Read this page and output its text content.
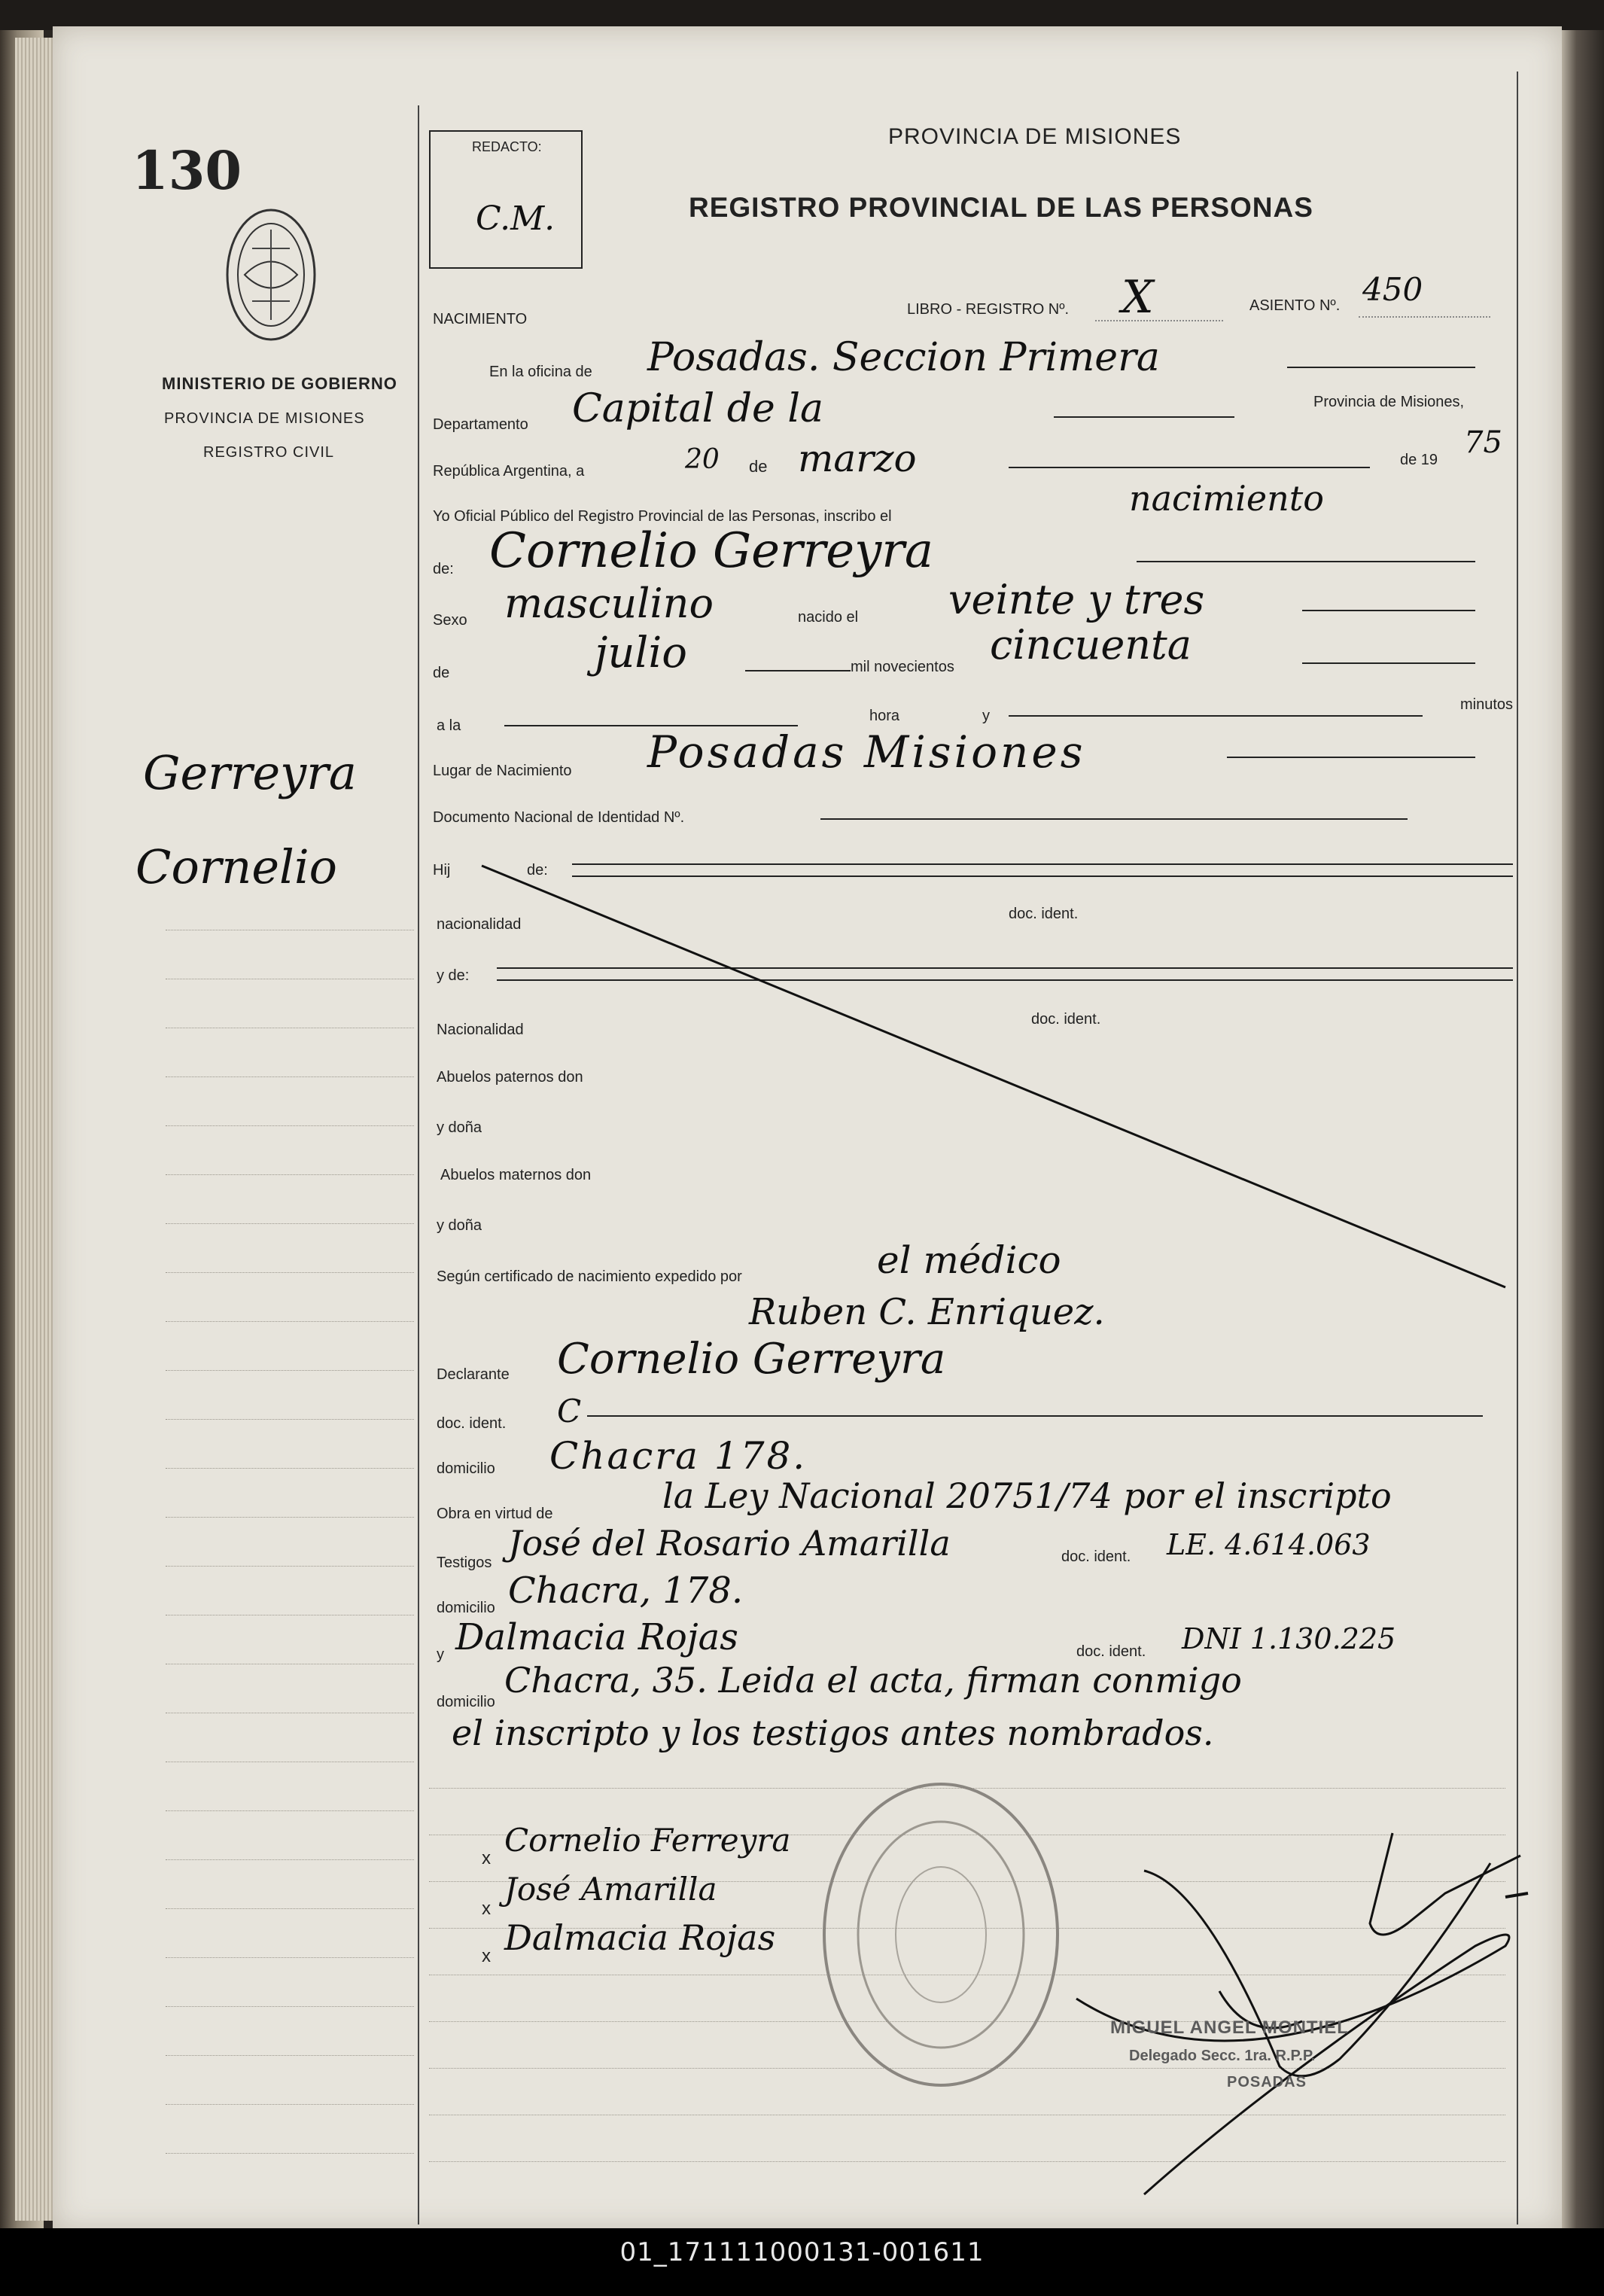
130
MINISTERIO DE GOBIERNO
PROVINCIA DE MISIONES
REGISTRO CIVIL
Gerreyra
Cornelio
REDACTO:
C.M.
PROVINCIA DE MISIONES
REGISTRO PROVINCIAL DE LAS PERSONAS
NACIMIENTO
LIBRO - REGISTRO Nº. X	ASIENTO Nº. 450
En la oficina de Posadas. Seccion Primera
Departamento Capital de la	Provincia de Misiones,
República Argentina, a	20 de marzo	de 19 75
Yo Oficial Público del Registro Provincial de las Personas, inscribo el	nacimiento
de: Cornelio Gerreyra
Sexo masculino	nacido el veinte y tres
de	julio	mil novecientos cincuenta
a la
hora	y
minutos
Lugar de Nacimiento Posadas Misiones
Documento Nacional de Identidad Nº.
Hij	de:
nacionalidad
doc. ident.
y de:
Nacionalidad
doc. ident.
Abuelos paternos don
y doña
Abuelos maternos don
y doña
Según certificado de nacimiento expedido por	el médico
Ruben C. Enriquez.
Declarante Cornelio Gerreyra
doc. ident. C
domicilio Chacra 178.
Obra en virtud de	la Ley Nacional 20751/74 por el inscripto
Testigos José del Rosario Amarilla	doc. ident. LE. 4.614.063
domicilio Chacra, 178.
y Dalmacia Rojas	doc. ident. DNI 1.130.225
domicilio
Chacra, 35. Leida el acta, firman conmigo
el inscripto y los testigos antes nombrados.
x Cornelio Ferreyra
x
José Amarilla
x Dalmacia Rojas
MIGUEL ANGEL MONTIEL
Delegado Secc. 1ra. R.P.P.
POSADAS
01_171111000131-001611
